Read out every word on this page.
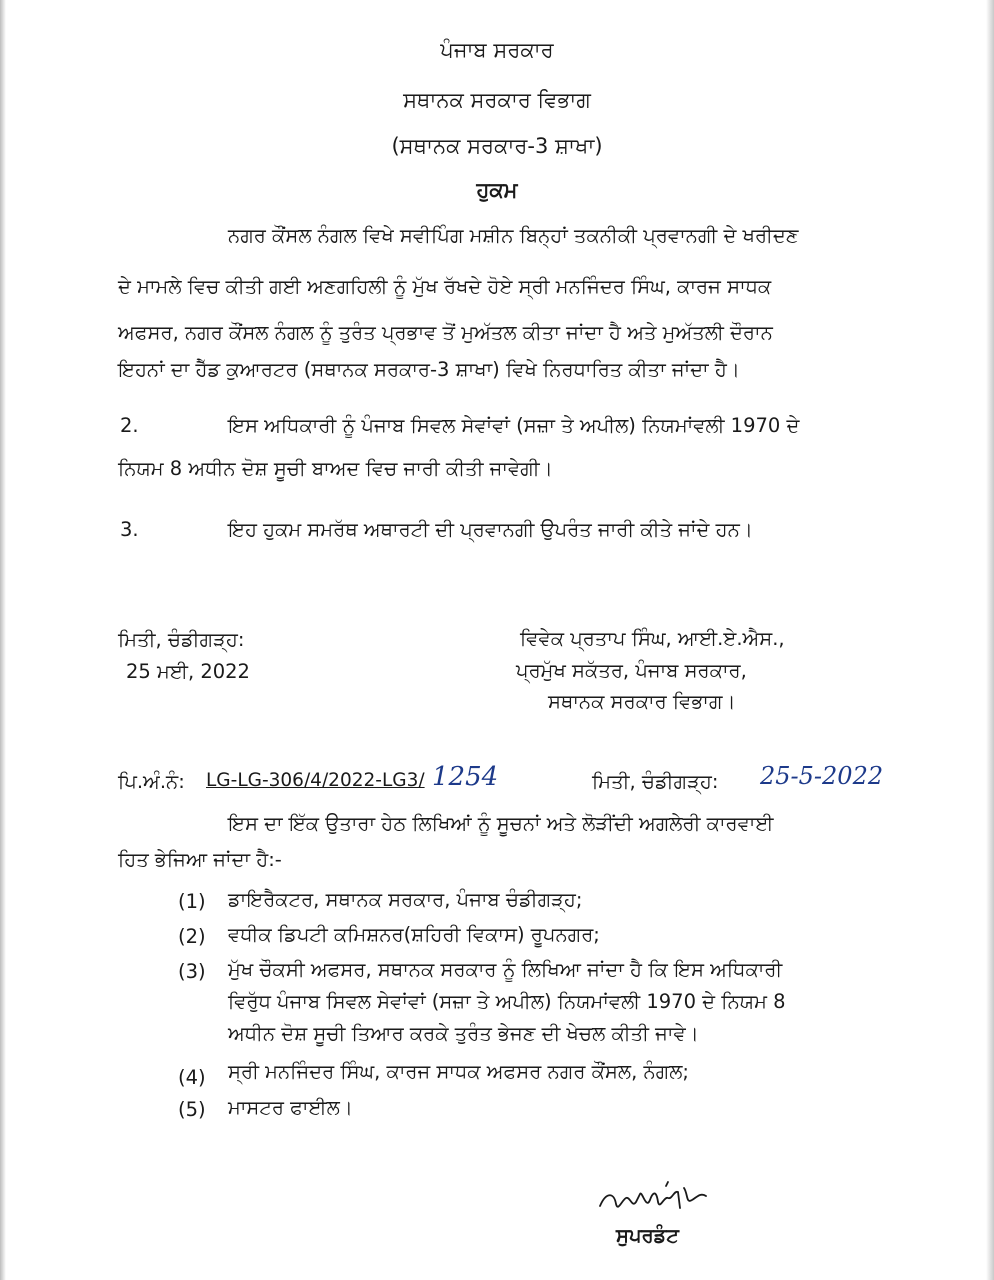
ਪੰਜਾਬ ਸਰਕਾਰ
ਸਥਾਨਕ ਸਰਕਾਰ ਵਿਭਾਗ
(ਸਥਾਨਕ ਸਰਕਾਰ-3 ਸ਼ਾਖਾ)
ਹੁਕਮ
ਨਗਰ ਕੌਂਸਲ ਨੰਗਲ ਵਿਖੇ ਸਵੀਪਿੰਗ ਮਸ਼ੀਨ ਬਿਨ੍ਹਾਂ ਤਕਨੀਕੀ ਪ੍ਰਵਾਨਗੀ ਦੇ ਖਰੀਦਣ
ਦੇ ਮਾਮਲੇ ਵਿਚ ਕੀਤੀ ਗਈ ਅਣਗਹਿਲੀ ਨੂੰ ਮੁੱਖ ਰੱਖਦੇ ਹੋਏ ਸ੍ਰੀ ਮਨਜਿੰਦਰ ਸਿੰਘ, ਕਾਰਜ ਸਾਧਕ
ਅਫਸਰ, ਨਗਰ ਕੌਂਸਲ ਨੰਗਲ ਨੂੰ ਤੁਰੰਤ ਪ੍ਰਭਾਵ ਤੋਂ ਮੁਅੱਤਲ ਕੀਤਾ ਜਾਂਦਾ ਹੈ ਅਤੇ ਮੁਅੱਤਲੀ ਦੌਰਾਨ
ਇਹਨਾਂ ਦਾ ਹੈੱਡ ਕੁਆਰਟਰ (ਸਥਾਨਕ ਸਰਕਾਰ-3 ਸ਼ਾਖਾ) ਵਿਖੇ ਨਿਰਧਾਰਿਤ ਕੀਤਾ ਜਾਂਦਾ ਹੈ।
2.	ਇਸ ਅਧਿਕਾਰੀ ਨੂੰ ਪੰਜਾਬ ਸਿਵਲ ਸੇਵਾਂਵਾਂ (ਸਜ਼ਾ ਤੇ ਅਪੀਲ) ਨਿਯਮਾਂਵਲੀ 1970 ਦੇ
ਨਿਯਮ 8 ਅਧੀਨ ਦੋਸ਼ ਸੂਚੀ ਬਾਅਦ ਵਿਚ ਜਾਰੀ ਕੀਤੀ ਜਾਵੇਗੀ।
3.	ਇਹ ਹੁਕਮ ਸਮਰੱਥ ਅਥਾਰਟੀ ਦੀ ਪ੍ਰਵਾਨਗੀ ਉਪਰੰਤ ਜਾਰੀ ਕੀਤੇ ਜਾਂਦੇ ਹਨ।
ਮਿਤੀ, ਚੰਡੀਗੜ੍ਹ:
25 ਮਈ, 2022
ਵਿਵੇਕ ਪ੍ਰਤਾਪ ਸਿੰਘ, ਆਈ.ਏ.ਐਸ.,
ਪ੍ਰਮੁੱਖ ਸਕੱਤਰ, ਪੰਜਾਬ ਸਰਕਾਰ,
ਸਥਾਨਕ ਸਰਕਾਰ ਵਿਭਾਗ।
ਪਿ.ਅੰ.ਨੰ: LG-LG-306/4/2022-LG3/ 1254	ਮਿਤੀ, ਚੰਡੀਗੜ੍ਹ: 25-5-2022
ਇਸ ਦਾ ਇੱਕ ਉਤਾਰਾ ਹੇਠ ਲਿਖਿਆਂ ਨੂੰ ਸੂਚਨਾਂ ਅਤੇ ਲੋੜੀਂਦੀ ਅਗਲੇਰੀ ਕਾਰਵਾਈ
ਹਿਤ ਭੇਜਿਆ ਜਾਂਦਾ ਹੈ:-
(1) ਡਾਇਰੈਕਟਰ, ਸਥਾਨਕ ਸਰਕਾਰ, ਪੰਜਾਬ ਚੰਡੀਗੜ੍ਹ;
(2) ਵਧੀਕ ਡਿਪਟੀ ਕਮਿਸ਼ਨਰ(ਸ਼ਹਿਰੀ ਵਿਕਾਸ) ਰੂਪਨਗਰ;
(3) ਮੁੱਖ ਚੌਕਸੀ ਅਫਸਰ, ਸਥਾਨਕ ਸਰਕਾਰ ਨੂੰ ਲਿਖਿਆ ਜਾਂਦਾ ਹੈ ਕਿ ਇਸ ਅਧਿਕਾਰੀ
ਵਿਰੁੱਧ ਪੰਜਾਬ ਸਿਵਲ ਸੇਵਾਂਵਾਂ (ਸਜ਼ਾ ਤੇ ਅਪੀਲ) ਨਿਯਮਾਂਵਲੀ 1970 ਦੇ ਨਿਯਮ 8
ਅਧੀਨ ਦੋਸ਼ ਸੂਚੀ ਤਿਆਰ ਕਰਕੇ ਤੁਰੰਤ ਭੇਜਣ ਦੀ ਖੇਚਲ ਕੀਤੀ ਜਾਵੇ।
(4) ਸ੍ਰੀ ਮਨਜਿੰਦਰ ਸਿੰਘ, ਕਾਰਜ ਸਾਧਕ ਅਫਸਰ ਨਗਰ ਕੌਂਸਲ, ਨੰਗਲ;
(5) ਮਾਸਟਰ ਫਾਈਲ।
ਸੁਪਰਡੰਟ
